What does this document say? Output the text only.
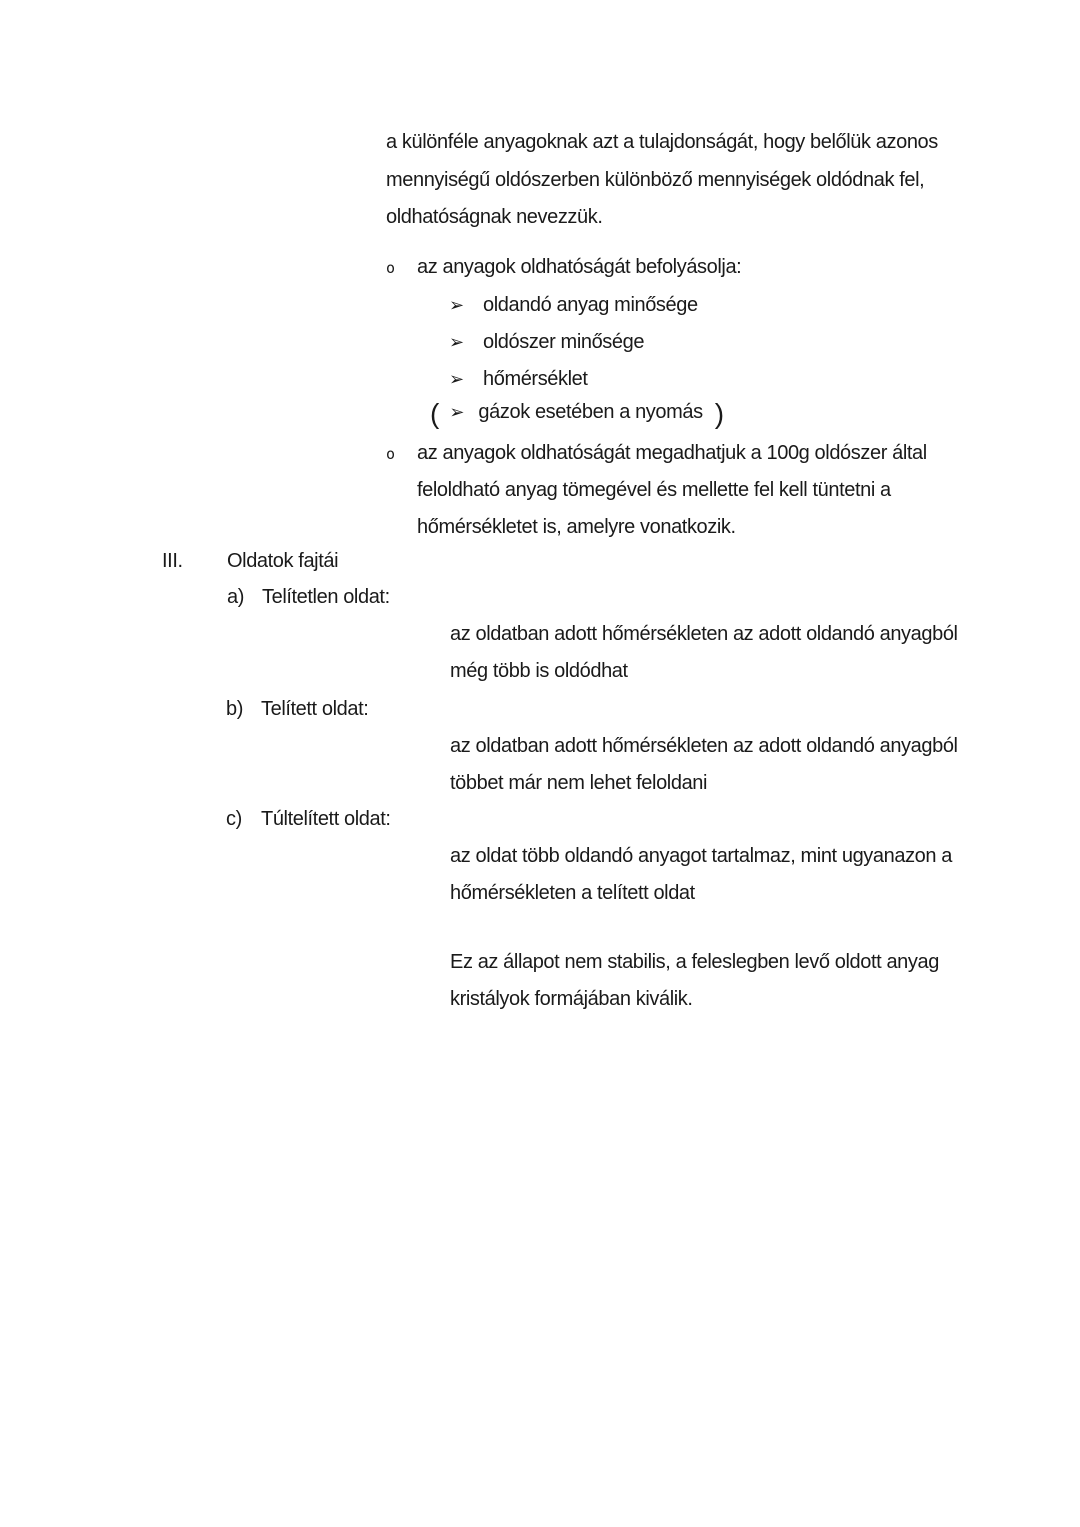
a különféle anyagoknak azt a tulajdonságát, hogy belőlük azonos
mennyiségű oldószerben különböző mennyiségek oldódnak fel,
oldhatóságnak nevezzük.
o az anyagok oldhatóságát befolyásolja:
➢ oldandó anyag minősége
➢ oldószer minősége
➢ hőmérséklet
( ➢ gázok esetében a nyomás )
o az anyagok oldhatóságát megadhatjuk a 100g oldószer által
feloldható anyag tömegével és mellette fel kell tüntetni a
hőmérsékletet is, amelyre vonatkozik.
III. Oldatok fajtái
a) Telítetlen oldat:
az oldatban adott hőmérsékleten az adott oldandó anyagból
még több is oldódhat
b) Telített oldat:
az oldatban adott hőmérsékleten az adott oldandó anyagból
többet már nem lehet feloldani
c) Túltelített oldat:
az oldat több oldandó anyagot tartalmaz, mint ugyanazon a
hőmérsékleten a telített oldat
Ez az állapot nem stabilis, a feleslegben levő oldott anyag
kristályok formájában kiválik.
